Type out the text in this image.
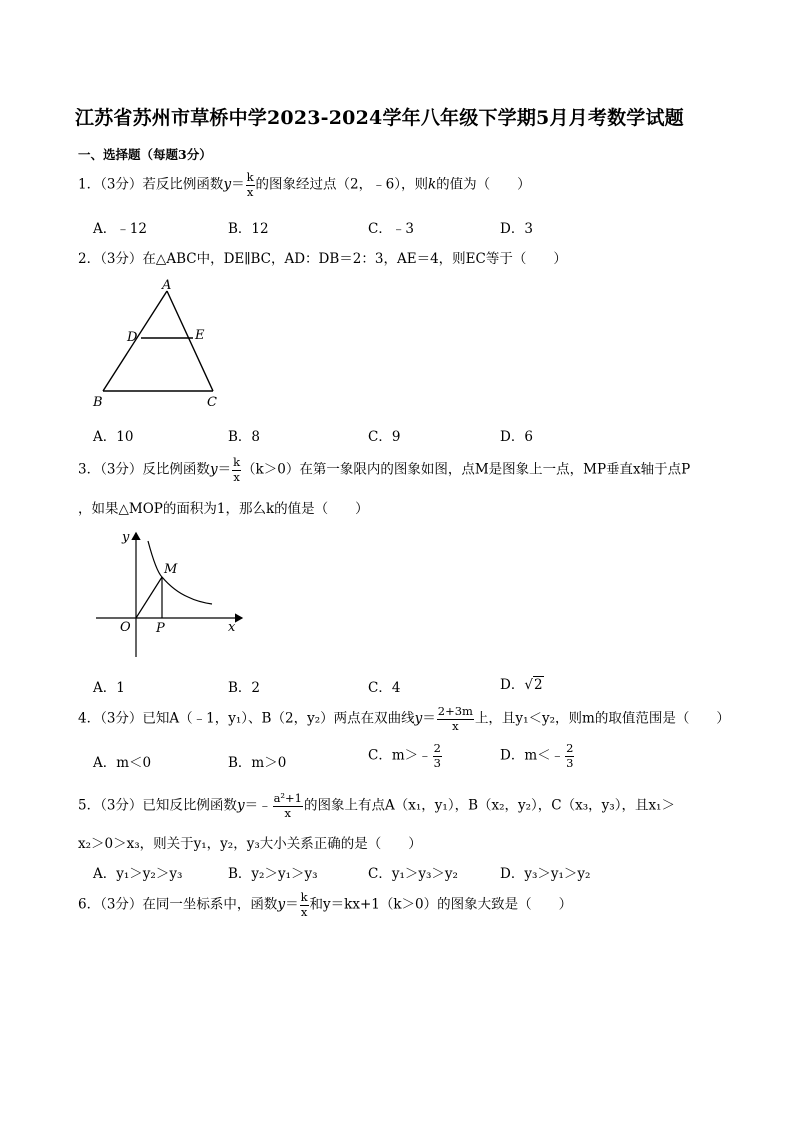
江苏省苏州市草桥中学2023-2024学年八年级下学期5月月考数学试题
一、选择题（每题3分）
1．（3分）若反比例函数$y= \frac{k}{x}$ 的图象经过点（2，﹣6），则k的值为（　　）
A．﹣12	B．12	C．﹣3	D．3
2．（3分）在△ABC中，DE∥BC，AD：DB＝2：3，AE＝4，则EC等于（　　）
A
D	E
B	C
A．10	B．8	C．9	D．6
3．（3分）反比例函数$y= \frac{k}{x} (k>0)$在第一象限内的图象如图，点M是图象上一点，MP垂直x轴于点P
，如果△MOP的面积为1，那么k的值是（　　）
y
x
O P
M
A．1	B．2	C．4	D．√2
4．（3分）已知A（﹣1，y₁）、B（2，y₂）两点在双曲线$y= \frac{2+3m}{x}$ 上，且y₁＜y₂，则m的取值范围是（　　）
A．m＜0	B．m＞0	C．m＞﹣ $\frac{2}{3}$	D．m＜﹣ $\frac{2}{3}$
5．（3分）已知反比例函数y＝﹣ $\frac{\text{a²+1}}{x}$ 的图象上有点A（x₁，y₁），B（x₂，y₂），C（x₃，y₃），且x₁＞
x₂＞0＞x₃，则关于y₁，y₂，y₃大小关系正确的是（　　）
A．y₁＞y₂＞y₃	B．y₂＞y₁＞y₃	C．y₁＞y₃＞y₂	D．y₃＞y₁＞y₂
6．（3分）在同一坐标系中，函数$y= \frac{k}{x}$ 和y＝kx+1（k＞0）的图象大致是（　　）
